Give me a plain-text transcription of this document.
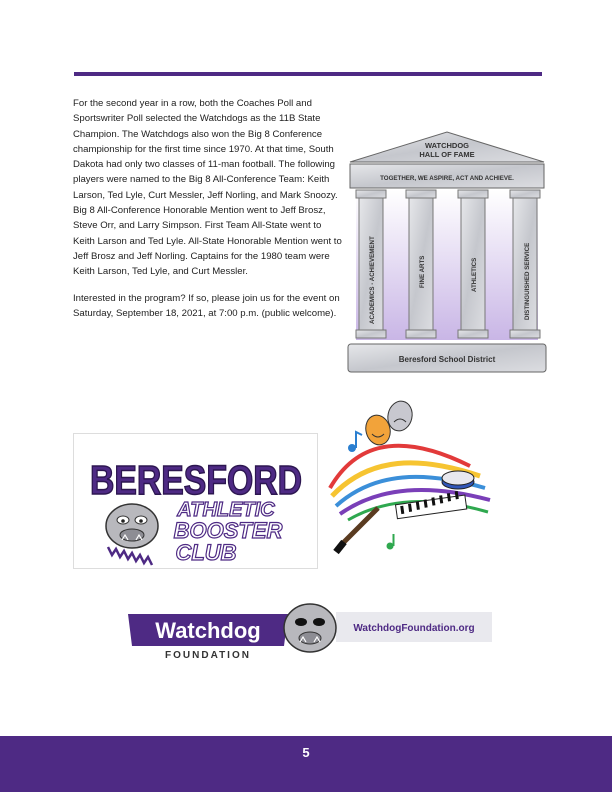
For the second year in a row, both the Coaches Poll and Sportswriter Poll selected the Watchdogs as the 11B State Champion. The Watchdogs also won the Big 8 Conference championship for the first time since 1970. At that time, South Dakota had only two classes of 11-man football. The following players were named to the Big 8 All-Conference Team: Keith Larson, Ted Lyle, Curt Messler, Jeff Norling, and Mark Snoozy. Big 8 All-Conference Honorable Mention went to Jeff Brosz, Steve Orr, and Larry Simpson. First Team All-State went to Keith Larson and Ted Lyle. All-State Honorable Mention went to Jeff Brosz and Jeff Norling. Captains for the 1980 team were Keith Larson, Ted Lyle, and Curt Messler.

Interested in the program? If so, please join us for the event on Saturday, September 18, 2021, at 7:00 p.m. (public welcome).

WATCHDOG
HALL OF FAME
TOGETHER, WE ASPIRE, ACT AND ACHIEVE.
ACADEMICS - ACHIEVEMENT	FINE ARTS	ATHLETICS	DISTINGUISHED SERVICE
Beresford School District
BERESFORD
ATHLETIC
BOOSTER
CLUB
Watchdog
FOUNDATION
WatchdogFoundation.org
5
